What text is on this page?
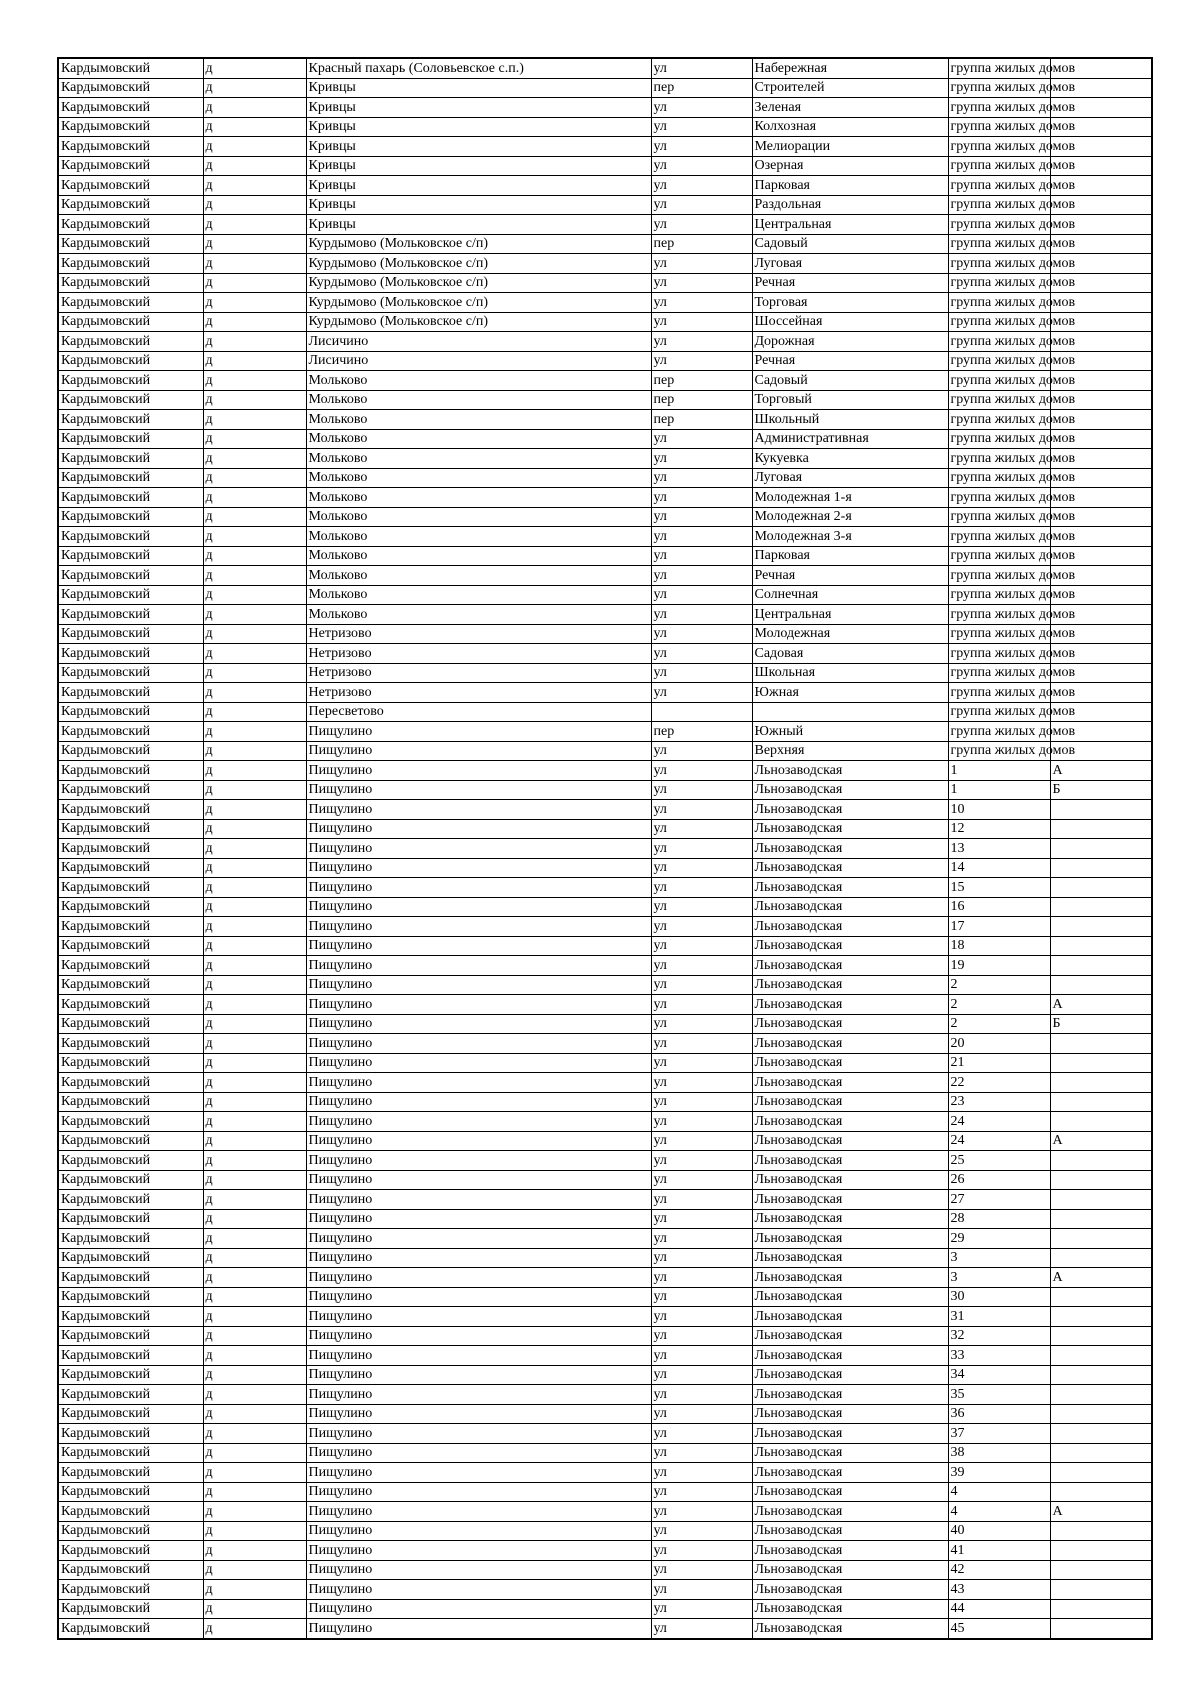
Кардымовский	д	Красный пахарь (Соловьевское с.п.)	ул	Набережная	группа жилых домов	
Кардымовский	д	Кривцы	пер	Строителей	группа жилых домов	
Кардымовский	д	Кривцы	ул	Зеленая	группа жилых домов	
Кардымовский	д	Кривцы	ул	Колхозная	группа жилых домов	
Кардымовский	д	Кривцы	ул	Мелиорации	группа жилых домов	
Кардымовский	д	Кривцы	ул	Озерная	группа жилых домов	
Кардымовский	д	Кривцы	ул	Парковая	группа жилых домов	
Кардымовский	д	Кривцы	ул	Раздольная	группа жилых домов	
Кардымовский	д	Кривцы	ул	Центральная	группа жилых домов	
Кардымовский	д	Курдымово (Мольковское с/п)	пер	Садовый	группа жилых домов	
Кардымовский	д	Курдымово (Мольковское с/п)	ул	Луговая	группа жилых домов	
Кардымовский	д	Курдымово (Мольковское с/п)	ул	Речная	группа жилых домов	
Кардымовский	д	Курдымово (Мольковское с/п)	ул	Торговая	группа жилых домов	
Кардымовский	д	Курдымово (Мольковское с/п)	ул	Шоссейная	группа жилых домов	
Кардымовский	д	Лисичино	ул	Дорожная	группа жилых домов	
Кардымовский	д	Лисичино	ул	Речная	группа жилых домов	
Кардымовский	д	Мольково	пер	Садовый	группа жилых домов	
Кардымовский	д	Мольково	пер	Торговый	группа жилых домов	
Кардымовский	д	Мольково	пер	Школьный	группа жилых домов	
Кардымовский	д	Мольково	ул	Административная	группа жилых домов	
Кардымовский	д	Мольково	ул	Кукуевка	группа жилых домов	
Кардымовский	д	Мольково	ул	Луговая	группа жилых домов	
Кардымовский	д	Мольково	ул	Молодежная 1-я	группа жилых домов	
Кардымовский	д	Мольково	ул	Молодежная 2-я	группа жилых домов	
Кардымовский	д	Мольково	ул	Молодежная 3-я	группа жилых домов	
Кардымовский	д	Мольково	ул	Парковая	группа жилых домов	
Кардымовский	д	Мольково	ул	Речная	группа жилых домов	
Кардымовский	д	Мольково	ул	Солнечная	группа жилых домов	
Кардымовский	д	Мольково	ул	Центральная	группа жилых домов	
Кардымовский	д	Нетризово	ул	Молодежная	группа жилых домов	
Кардымовский	д	Нетризово	ул	Садовая	группа жилых домов	
Кардымовский	д	Нетризово	ул	Школьная	группа жилых домов	
Кардымовский	д	Нетризово	ул	Южная	группа жилых домов	
Кардымовский	д	Пересветово			группа жилых домов	
Кардымовский	д	Пищулино	пер	Южный	группа жилых домов	
Кардымовский	д	Пищулино	ул	Верхняя	группа жилых домов	
Кардымовский	д	Пищулино	ул	Льнозаводская	1	А
Кардымовский	д	Пищулино	ул	Льнозаводская	1	Б
Кардымовский	д	Пищулино	ул	Льнозаводская	10	
Кардымовский	д	Пищулино	ул	Льнозаводская	12	
Кардымовский	д	Пищулино	ул	Льнозаводская	13	
Кардымовский	д	Пищулино	ул	Льнозаводская	14	
Кардымовский	д	Пищулино	ул	Льнозаводская	15	
Кардымовский	д	Пищулино	ул	Льнозаводская	16	
Кардымовский	д	Пищулино	ул	Льнозаводская	17	
Кардымовский	д	Пищулино	ул	Льнозаводская	18	
Кардымовский	д	Пищулино	ул	Льнозаводская	19	
Кардымовский	д	Пищулино	ул	Льнозаводская	2	
Кардымовский	д	Пищулино	ул	Льнозаводская	2	А
Кардымовский	д	Пищулино	ул	Льнозаводская	2	Б
Кардымовский	д	Пищулино	ул	Льнозаводская	20	
Кардымовский	д	Пищулино	ул	Льнозаводская	21	
Кардымовский	д	Пищулино	ул	Льнозаводская	22	
Кардымовский	д	Пищулино	ул	Льнозаводская	23	
Кардымовский	д	Пищулино	ул	Льнозаводская	24	
Кардымовский	д	Пищулино	ул	Льнозаводская	24	А
Кардымовский	д	Пищулино	ул	Льнозаводская	25	
Кардымовский	д	Пищулино	ул	Льнозаводская	26	
Кардымовский	д	Пищулино	ул	Льнозаводская	27	
Кардымовский	д	Пищулино	ул	Льнозаводская	28	
Кардымовский	д	Пищулино	ул	Льнозаводская	29	
Кардымовский	д	Пищулино	ул	Льнозаводская	3	
Кардымовский	д	Пищулино	ул	Льнозаводская	3	А
Кардымовский	д	Пищулино	ул	Льнозаводская	30	
Кардымовский	д	Пищулино	ул	Льнозаводская	31	
Кардымовский	д	Пищулино	ул	Льнозаводская	32	
Кардымовский	д	Пищулино	ул	Льнозаводская	33	
Кардымовский	д	Пищулино	ул	Льнозаводская	34	
Кардымовский	д	Пищулино	ул	Льнозаводская	35	
Кардымовский	д	Пищулино	ул	Льнозаводская	36	
Кардымовский	д	Пищулино	ул	Льнозаводская	37	
Кардымовский	д	Пищулино	ул	Льнозаводская	38	
Кардымовский	д	Пищулино	ул	Льнозаводская	39	
Кардымовский	д	Пищулино	ул	Льнозаводская	4	
Кардымовский	д	Пищулино	ул	Льнозаводская	4	А
Кардымовский	д	Пищулино	ул	Льнозаводская	40	
Кардымовский	д	Пищулино	ул	Льнозаводская	41	
Кардымовский	д	Пищулино	ул	Льнозаводская	42	
Кардымовский	д	Пищулино	ул	Льнозаводская	43	
Кардымовский	д	Пищулино	ул	Льнозаводская	44	
Кардымовский	д	Пищулино	ул	Льнозаводская	45	
